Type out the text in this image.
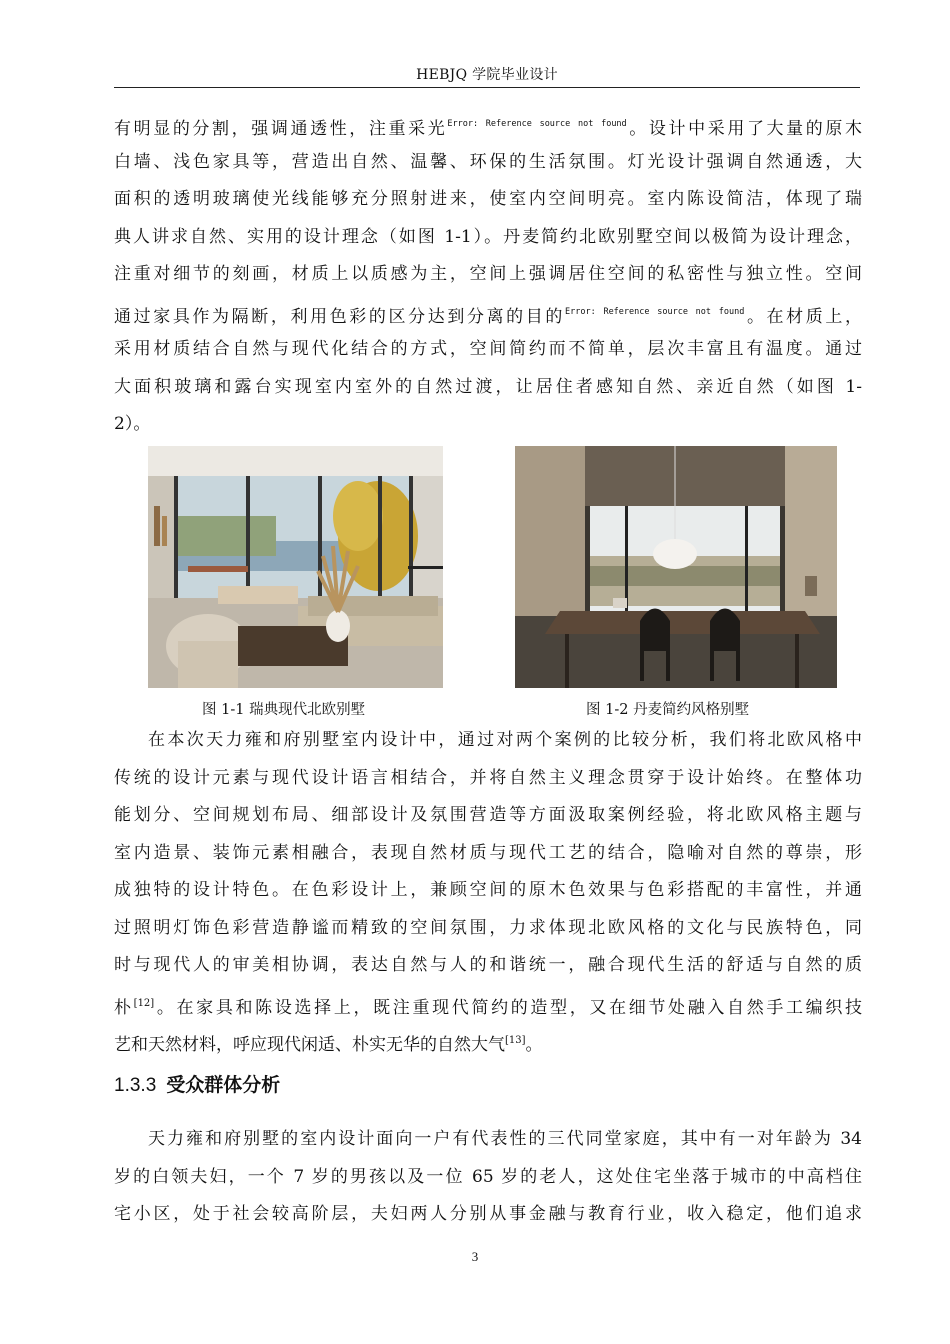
HEBJQ 学院毕业设计
有明显的分割，强调通透性，注重采光$^{Error: Reference source not found}$。设计中采用了大量的原木
白墙、浅色家具等，营造出自然、温馨、环保的生活氛围。灯光设计强调自然通透，大
面积的透明玻璃使光线能够充分照射进来，使室内空间明亮。室内陈设简洁，体现了瑞
典人讲求自然、实用的设计理念（如图 1-1）。丹麦简约北欧别墅空间以极简为设计理念，
注重对细节的刻画，材质上以质感为主，空间上强调居住空间的私密性与独立性。空间
通过家具作为隔断，利用色彩的区分达到分离的目的$^{Error: Reference source not found}$。在材质上，
采用材质结合自然与现代化结合的方式，空间简约而不简单，层次丰富且有温度。通过
大面积玻璃和露台实现室内室外的自然过渡，让居住者感知自然、亲近自然（如图 1-
2）。
图 1-1 瑞典现代北欧别墅	图 1-2 丹麦简约风格别墅
在本次天力雍和府别墅室内设计中，通过对两个案例的比较分析，我们将北欧风格中
传统的设计元素与现代设计语言相结合，并将自然主义理念贯穿于设计始终。在整体功
能划分、空间规划布局、细部设计及氛围营造等方面汲取案例经验，将北欧风格主题与
室内造景、装饰元素相融合，表现自然材质与现代工艺的结合，隐喻对自然的尊崇，形
成独特的设计特色。在色彩设计上，兼顾空间的原木色效果与色彩搭配的丰富性，并通
过照明灯饰色彩营造静谧而精致的空间氛围，力求体现北欧风格的文化与民族特色，同
时与现代人的审美相协调，表达自然与人的和谐统一，融合现代生活的舒适与自然的质
朴[12]。在家具和陈设选择上，既注重现代简约的造型，又在细节处融入自然手工编织技
艺和天然材料，呼应现代闲适、朴实无华的自然大气[13]。
1.3.3 受众群体分析
天力雍和府别墅的室内设计面向一户有代表性的三代同堂家庭，其中有一对年龄为 34
岁的白领夫妇，一个 7 岁的男孩以及一位 65 岁的老人，这处住宅坐落于城市的中高档住
宅小区，处于社会较高阶层，夫妇两人分别从事金融与教育行业，收入稳定，他们追求
3
